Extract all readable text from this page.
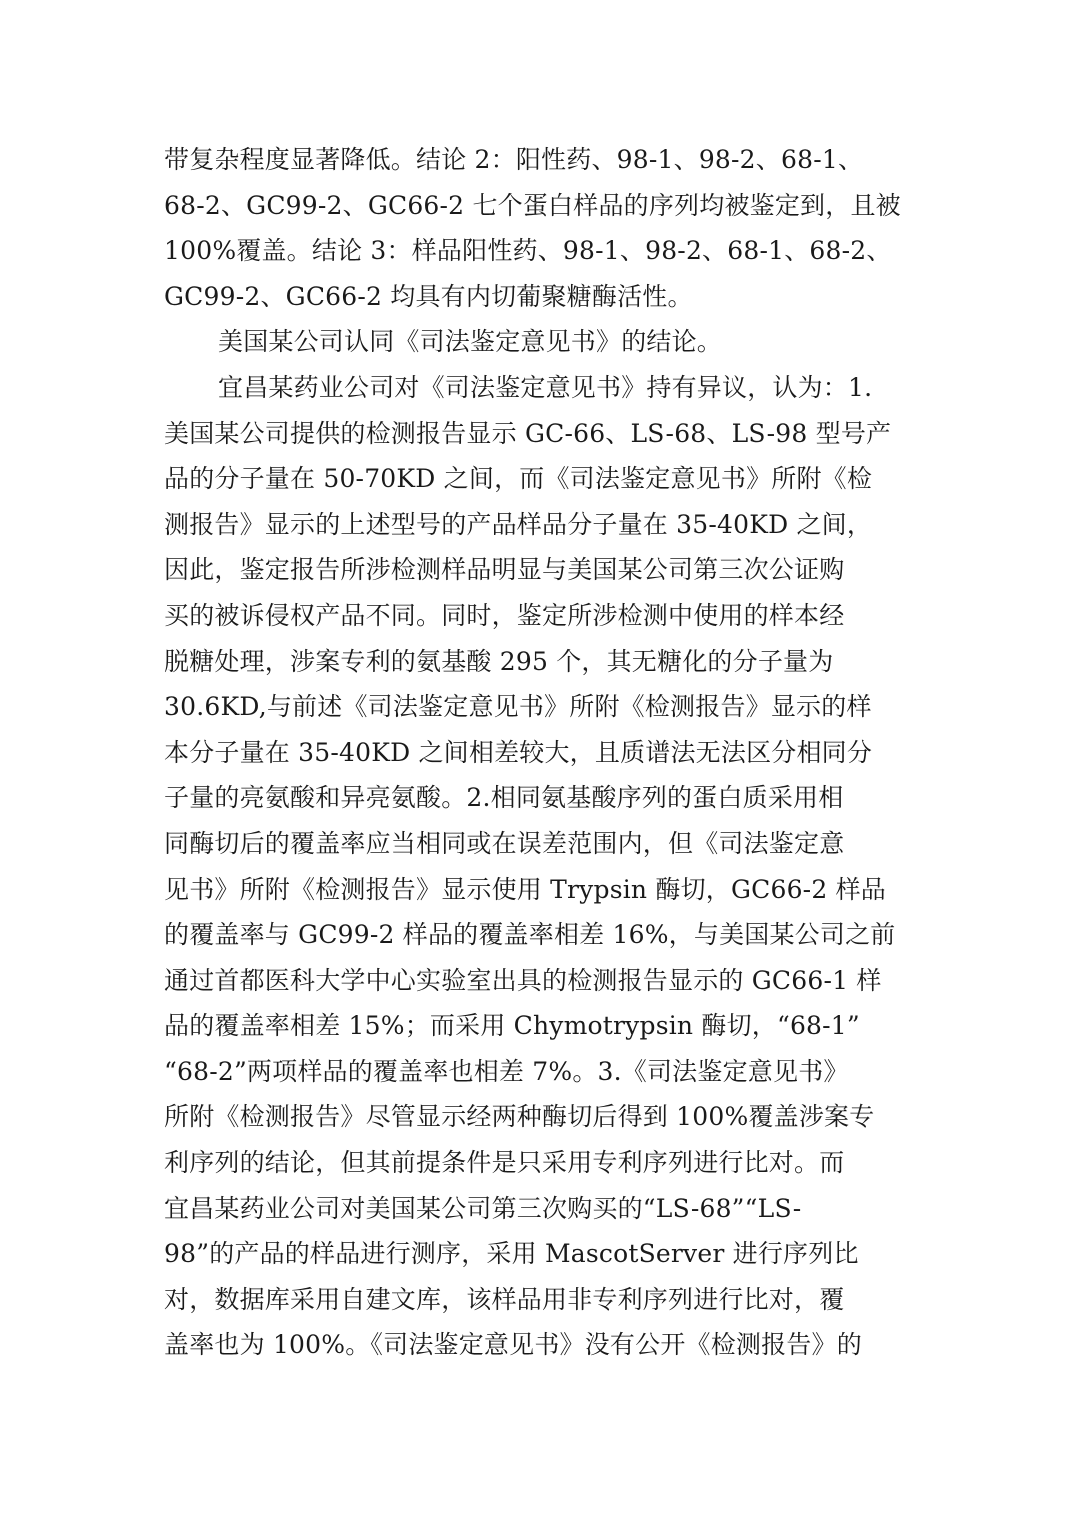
带复杂程度显著降低。结论 2：阳性药、98-1、98-2、68-1、
68-2、GC99-2、GC66-2 七个蛋白样品的序列均被鉴定到，且被
100%覆盖。结论 3：样品阳性药、98-1、98-2、68-1、68-2、
GC99-2、GC66-2 均具有内切葡聚糖酶活性。
美国某公司认同《司法鉴定意见书》的结论。
宜昌某药业公司对《司法鉴定意见书》持有异议，认为：1.
美国某公司提供的检测报告显示 GC-66、LS-68、LS-98 型号产
品的分子量在 50-70KD 之间，而《司法鉴定意见书》所附《检
测报告》显示的上述型号的产品样品分子量在 35-40KD 之间，
因此，鉴定报告所涉检测样品明显与美国某公司第三次公证购
买的被诉侵权产品不同。同时，鉴定所涉检测中使用的样本经
脱糖处理，涉案专利的氨基酸 295 个，其无糖化的分子量为
30.6KD,与前述《司法鉴定意见书》所附《检测报告》显示的样
本分子量在 35-40KD 之间相差较大，且质谱法无法区分相同分
子量的亮氨酸和异亮氨酸。2.相同氨基酸序列的蛋白质采用相
同酶切后的覆盖率应当相同或在误差范围内，但《司法鉴定意
见书》所附《检测报告》显示使用 Trypsin 酶切，GC66-2 样品
的覆盖率与 GC99-2 样品的覆盖率相差 16%，与美国某公司之前
通过首都医科大学中心实验室出具的检测报告显示的 GC66-1 样
品的覆盖率相差 15%；而采用 Chymotrypsin 酶切，“68-1”
“68-2”两项样品的覆盖率也相差 7%。3.《司法鉴定意见书》
所附《检测报告》尽管显示经两种酶切后得到 100%覆盖涉案专
利序列的结论，但其前提条件是只采用专利序列进行比对。而
宜昌某药业公司对美国某公司第三次购买的“LS-68”“LS-
98”的产品的样品进行测序，采用 MascotServer 进行序列比
对，数据库采用自建文库，该样品用非专利序列进行比对，覆
盖率也为 100%。《司法鉴定意见书》没有公开《检测报告》的
